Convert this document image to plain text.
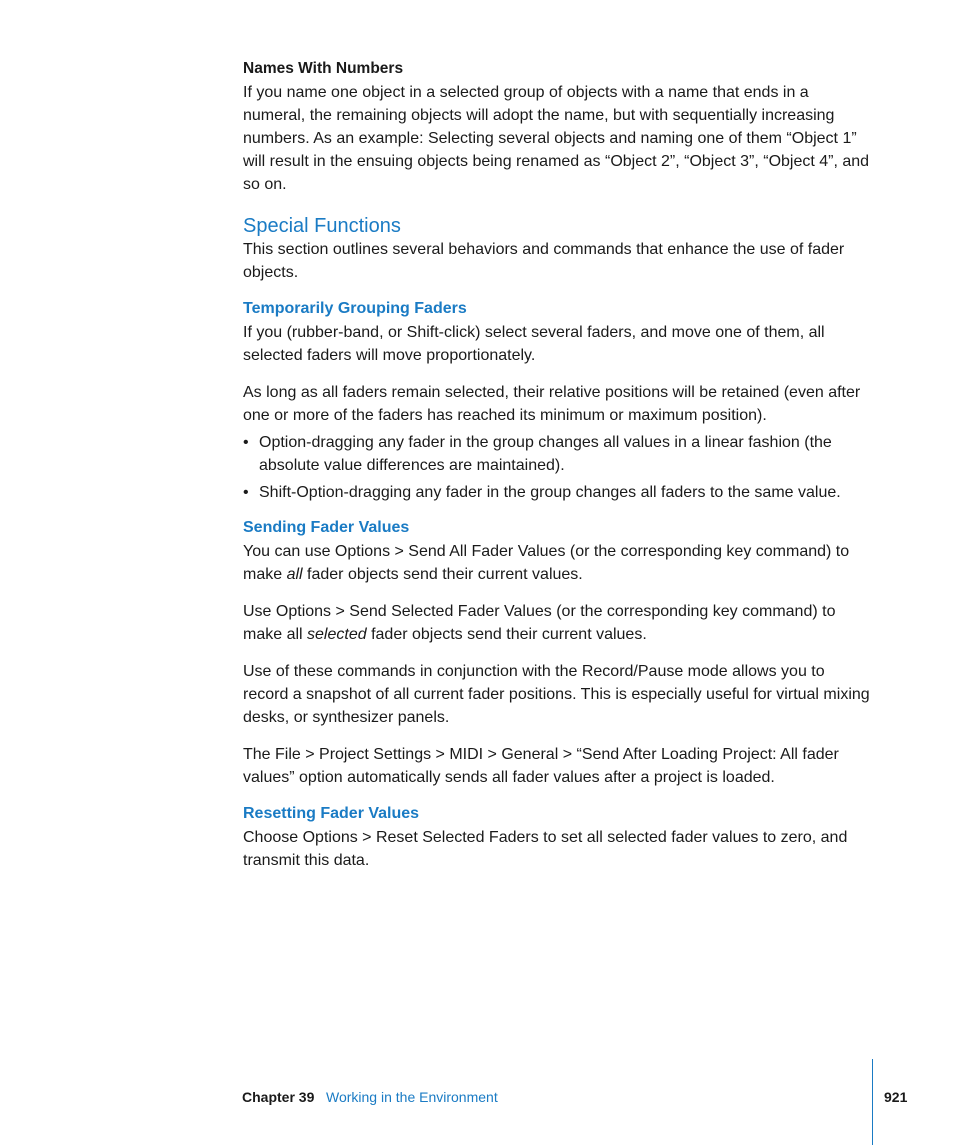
Names With Numbers

If you name one object in a selected group of objects with a name that ends in a numeral, the remaining objects will adopt the name, but with sequentially increasing numbers. As an example: Selecting several objects and naming one of them “Object 1” will result in the ensuing objects being renamed as “Object 2”, “Object 3”, “Object 4”, and so on.

Special Functions

This section outlines several behaviors and commands that enhance the use of fader objects.

Temporarily Grouping Faders

If you (rubber-band, or Shift-click) select several faders, and move one of them, all selected faders will move proportionately.

As long as all faders remain selected, their relative positions will be retained (even after one or more of the faders has reached its minimum or maximum position).

• Option-dragging any fader in the group changes all values in a linear fashion (the absolute value differences are maintained).
• Shift-Option-dragging any fader in the group changes all faders to the same value.
Sending Fader Values

You can use Options > Send All Fader Values (or the corresponding key command) to make all fader objects send their current values.

Use Options > Send Selected Fader Values (or the corresponding key command) to make all selected fader objects send their current values.

Use of these commands in conjunction with the Record/Pause mode allows you to record a snapshot of all current fader positions. This is especially useful for virtual mixing desks, or synthesizer panels.

The File > Project Settings > MIDI > General > “Send After Loading Project: All fader values” option automatically sends all fader values after a project is loaded.

Resetting Fader Values

Choose Options > Reset Selected Faders to set all selected fader values to zero, and transmit this data.

Chapter 39 Working in the Environment	921
